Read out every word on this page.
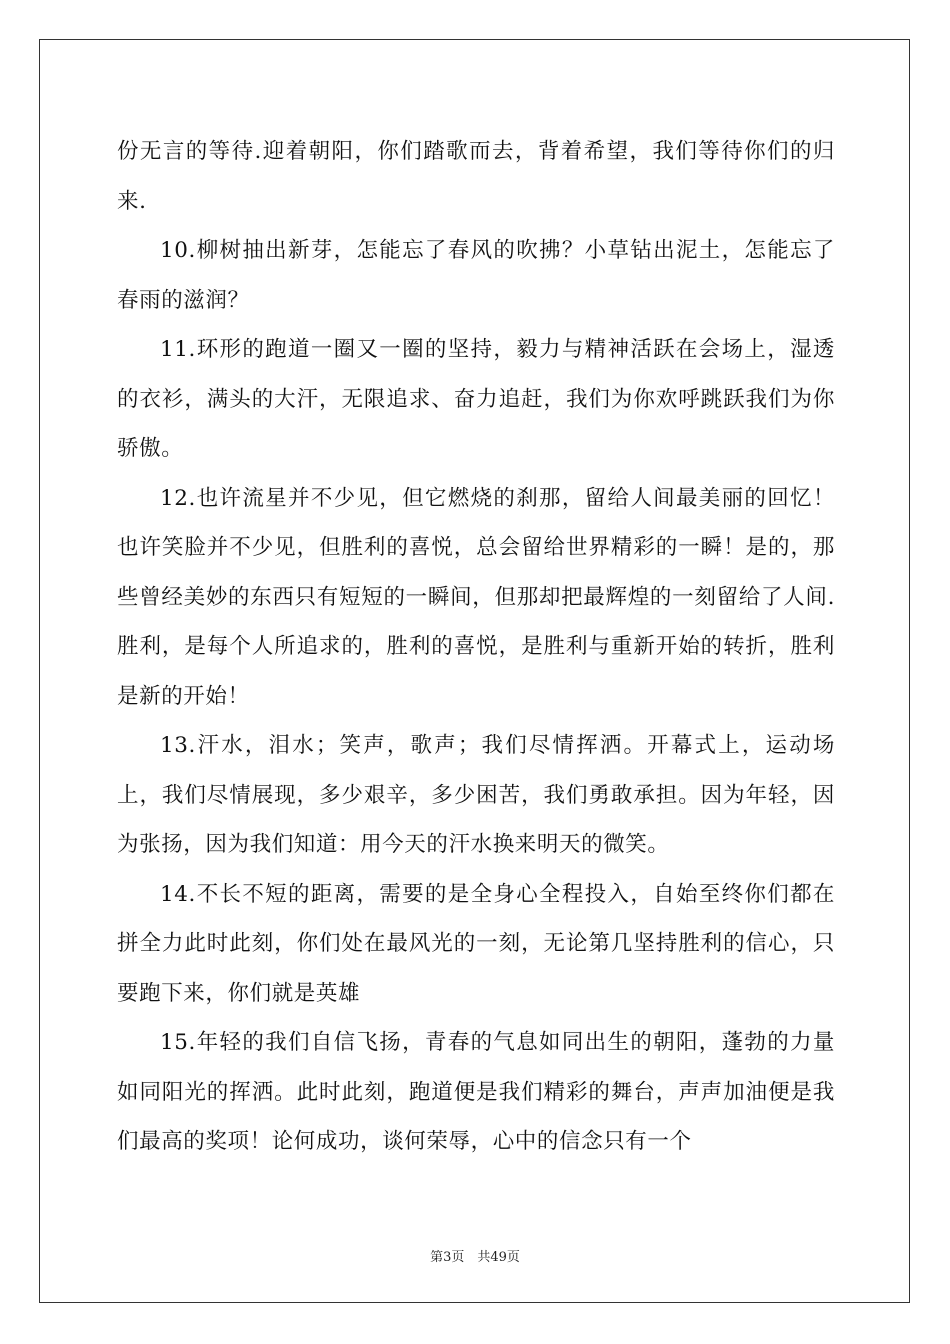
份无言的等待.迎着朝阳，你们踏歌而去，背着希望，我们等待你们的归来.

10.柳树抽出新芽，怎能忘了春风的吹拂？小草钻出泥土，怎能忘了春雨的滋润？

11.环形的跑道一圈又一圈的坚持，毅力与精神活跃在会场上，湿透的衣衫，满头的大汗，无限追求、奋力追赶，我们为你欢呼跳跃我们为你骄傲。

12.也许流星并不少见，但它燃烧的刹那，留给人间最美丽的回忆！也许笑脸并不少见，但胜利的喜悦，总会留给世界精彩的一瞬！是的，那些曾经美妙的东西只有短短的一瞬间，但那却把最辉煌的一刻留给了人间.胜利，是每个人所追求的，胜利的喜悦，是胜利与重新开始的转折，胜利是新的开始！

13.汗水，泪水；笑声，歌声；我们尽情挥洒。开幕式上，运动场上，我们尽情展现，多少艰辛，多少困苦，我们勇敢承担。因为年轻，因为张扬，因为我们知道：用今天的汗水换来明天的微笑。

14.不长不短的距离，需要的是全身心全程投入，自始至终你们都在拼全力此时此刻，你们处在最风光的一刻，无论第几坚持胜利的信心，只要跑下来，你们就是英雄

15.年轻的我们自信飞扬，青春的气息如同出生的朝阳，蓬勃的力量如同阳光的挥洒。此时此刻，跑道便是我们精彩的舞台，声声加油便是我们最高的奖项！论何成功，谈何荣辱，心中的信念只有一个

第3页　共49页
